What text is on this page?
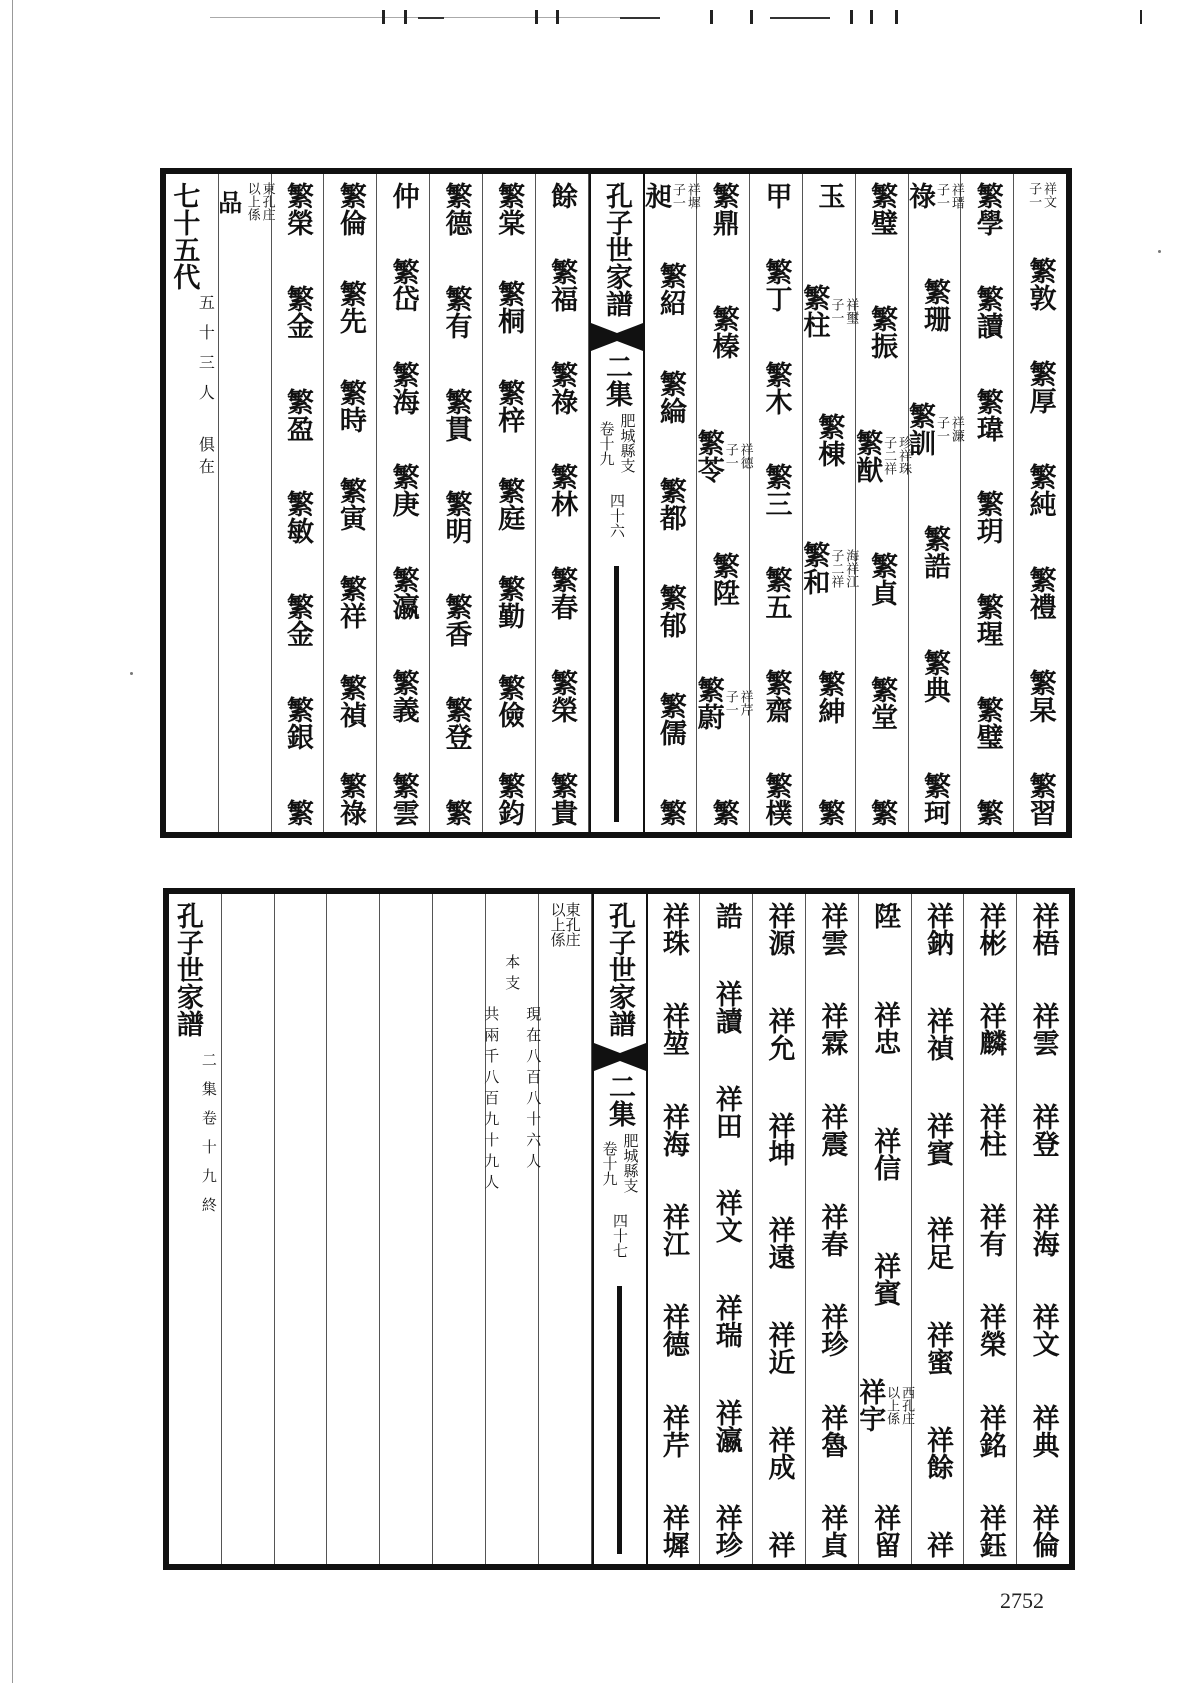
子一 祥文
繁敦
繁厚
繁純
繁禮
繁杲
繁習
繁學
繁讀
繁瑋
繁玥
繁瑆
繁璧
繁
祿
子一 祥瑨
繁珊
繁訓
子一 祥濂
繁誥
繁典
繁珂
繁璧
繁振
繁猷
子二祥 珍祥珠
繁貞
繁堂
繁
玉
繁柱
子一 祥璽
繁棟
繁和
子二祥 海祥江
繁紳
繁
甲
繁丁
繁木
繁三
繁五
繁齋
繁樸
繁鼎
繁榛
繁苓
子一 祥德
繁陞
繁蔚
子一 祥芹
繁
昶
子一 祥墀
繁紹
繁綸
繁都
繁郁
繁儒
繁
孔子世家譜
二集
卷十九 肥城縣支
四十六
餘
繁福
繁祿
繁林
繁春
繁榮
繁貴
繁棠
繁桐
繁梓
繁庭
繁勤
繁儉
繁鈞
繁德
繁有
繁貫
繁明
繁香
繁登
繁
仲
繁岱
繁海
繁庚
繁瀛
繁義
繁雲
繁倫
繁先
繁時
繁寅
繁祥
繁禎
繁祿
繁榮
繁金
繁盈
繁敏
繁金
繁銀
繁
品 以上係 東孔庄
七十五代
五十三人
俱在
祥梧
祥雲
祥登
祥海
祥文
祥典
祥倫
祥彬
祥麟
祥柱
祥有
祥榮
祥銘
祥鈺
祥鈉
祥禎
祥賓
祥足
祥蜜
祥餘
祥
陞
祥忠
祥信
祥賓
祥宇
以上係 西孔庄
祥留
祥雲
祥霖
祥震
祥春
祥珍
祥魯
祥貞
祥源
祥允
祥坤
祥遠
祥近
祥成
祥
誥
祥讀
祥田
祥文
祥瑞
祥瀛
祥珍
祥珠
祥堃
祥海
祥江
祥德
祥芹
祥墀
孔子世家譜
二集
卷十九 肥城縣支
四十七
以上係
東孔庄
共兩千八百九十九人
本支
現在八百八十六人
孔子世家譜
二集卷十九終
2752
